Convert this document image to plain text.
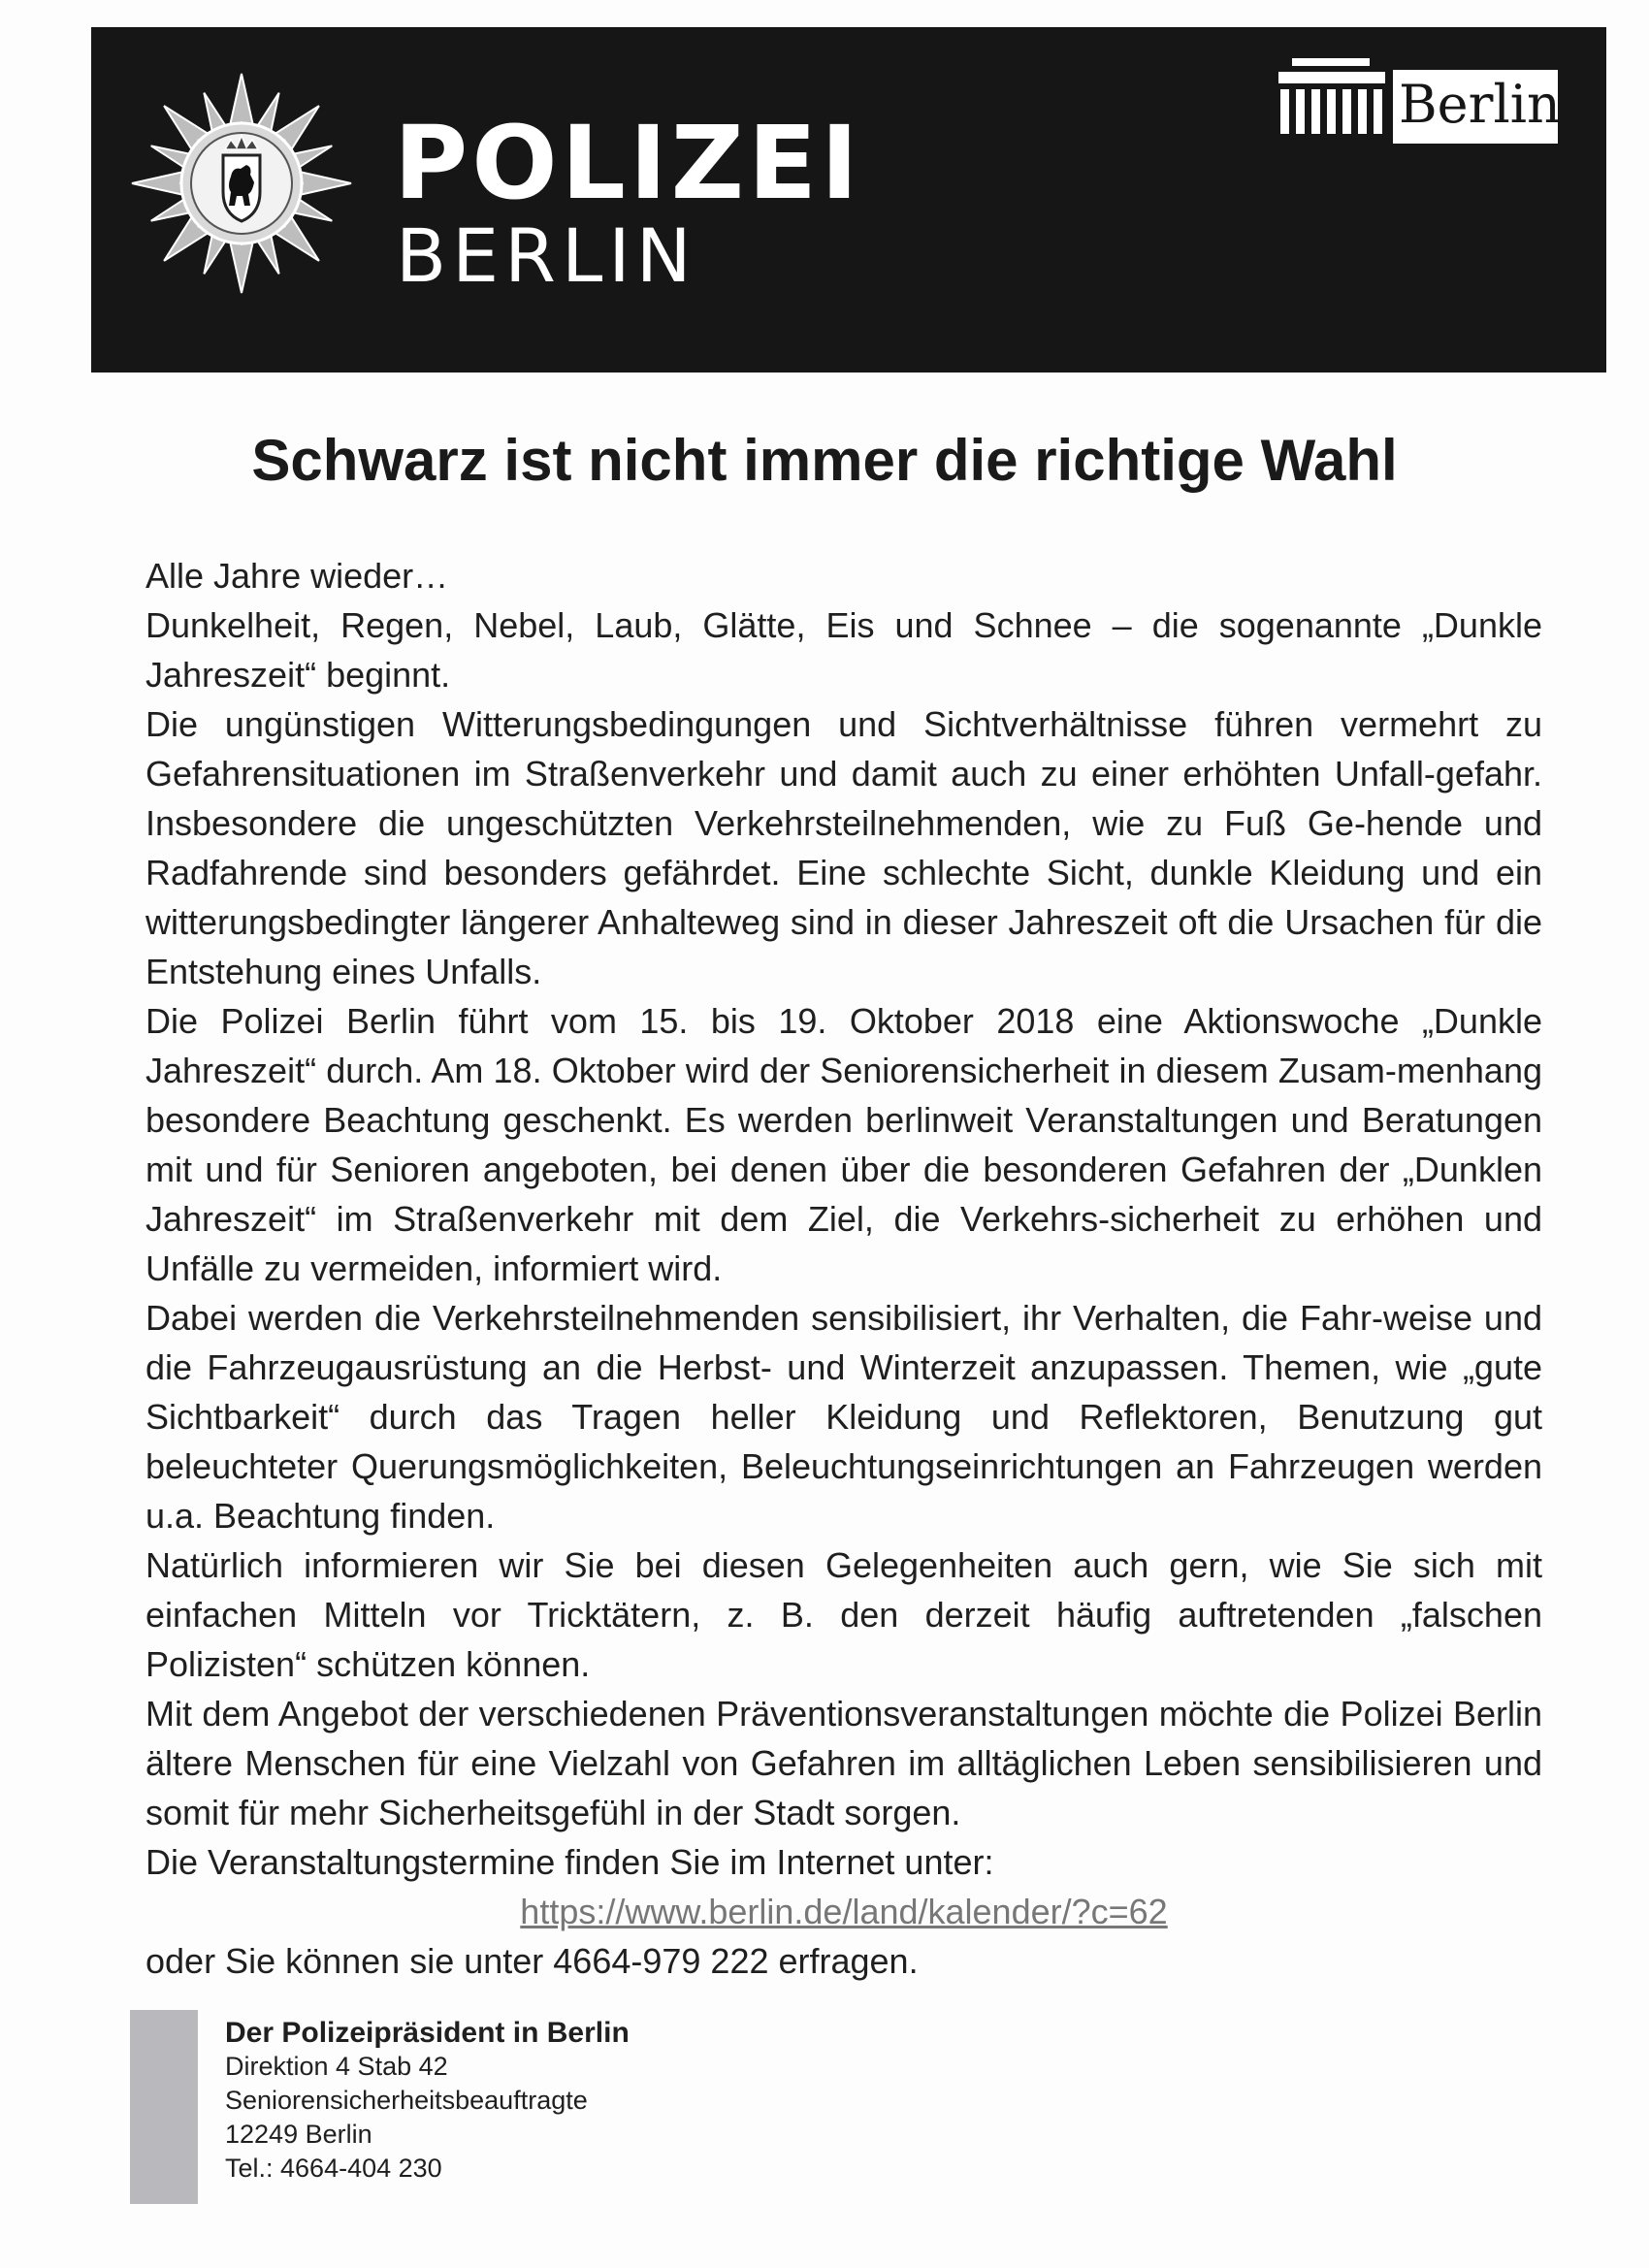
POLIZEI
BERLIN
Berlin
Schwarz ist nicht immer die richtige Wahl

Alle Jahre wieder…

Dunkelheit, Regen, Nebel, Laub, Glätte, Eis und Schnee – die sogenannte „Dunkle Jahreszeit“ beginnt.

Die ungünstigen Witterungsbedingungen und Sichtverhältnisse führen vermehrt zu Gefahrensituationen im Straßenverkehr und damit auch zu einer erhöhten Unfall-gefahr. Insbesondere die ungeschützten Verkehrsteilnehmenden, wie zu Fuß Ge-hende und Radfahrende sind besonders gefährdet. Eine schlechte Sicht, dunkle Kleidung und ein witterungsbedingter längerer Anhalteweg sind in dieser Jahreszeit oft die Ursachen für die Entstehung eines Unfalls.

Die Polizei Berlin führt vom 15. bis 19. Oktober 2018 eine Aktionswoche „Dunkle Jahreszeit“ durch. Am 18. Oktober wird der Seniorensicherheit in diesem Zusam-menhang besondere Beachtung geschenkt. Es werden berlinweit Veranstaltungen und Beratungen mit und für Senioren angeboten, bei denen über die besonderen Gefahren der „Dunklen Jahreszeit“ im Straßenverkehr mit dem Ziel, die Verkehrs-sicherheit zu erhöhen und Unfälle zu vermeiden, informiert wird.

Dabei werden die Verkehrsteilnehmenden sensibilisiert, ihr Verhalten, die Fahr-weise und die Fahrzeugausrüstung an die Herbst- und Winterzeit anzupassen. Themen, wie „gute Sichtbarkeit“ durch das Tragen heller Kleidung und Reflektoren, Benutzung gut beleuchteter Querungsmöglichkeiten, Beleuchtungseinrichtungen an Fahrzeugen werden u.a. Beachtung finden.

Natürlich informieren wir Sie bei diesen Gelegenheiten auch gern, wie Sie sich mit einfachen Mitteln vor Tricktätern, z. B. den derzeit häufig auftretenden „falschen Polizisten“ schützen können.

Mit dem Angebot der verschiedenen Präventionsveranstaltungen möchte die Polizei Berlin ältere Menschen für eine Vielzahl von Gefahren im alltäglichen Leben sensibilisieren und somit für mehr Sicherheitsgefühl in der Stadt sorgen.

Die Veranstaltungstermine finden Sie im Internet unter:

https://www.berlin.de/land/kalender/?c=62

oder Sie können sie unter 4664-979 222 erfragen.

Der Polizeipräsident in Berlin
Direktion 4 Stab 42
Seniorensicherheitsbeauftragte
12249 Berlin
Tel.: 4664-404 230
